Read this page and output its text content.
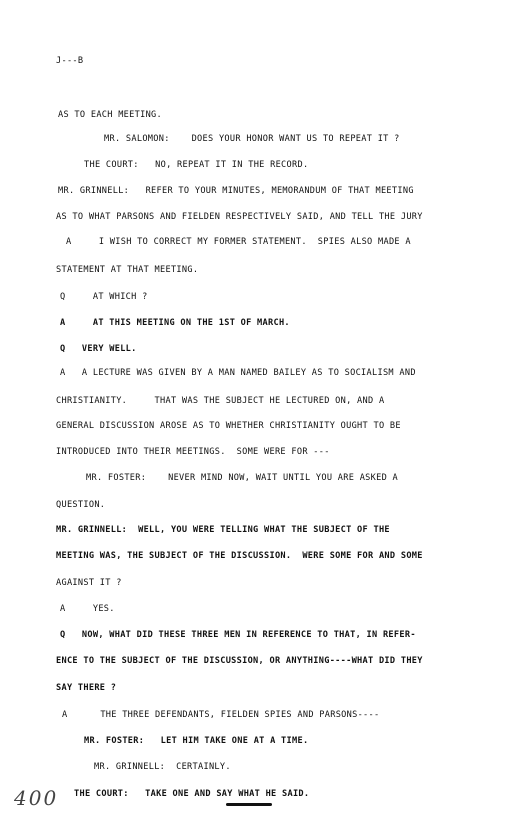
J---B
AS TO EACH MEETING.
MR. SALOMON:    DOES YOUR HONOR WANT US TO REPEAT IT ?
THE COURT:   NO, REPEAT IT IN THE RECORD.
MR. GRINNELL:   REFER TO YOUR MINUTES, MEMORANDUM OF THAT MEETING
AS TO WHAT PARSONS AND FIELDEN RESPECTIVELY SAID, AND TELL THE JURY
A     I WISH TO CORRECT MY FORMER STATEMENT.  SPIES ALSO MADE A
STATEMENT AT THAT MEETING.
Q     AT WHICH ?
A     AT THIS MEETING ON THE 1ST OF MARCH.
Q   VERY WELL.
A   A LECTURE WAS GIVEN BY A MAN NAMED BAILEY AS TO SOCIALISM AND
CHRISTIANITY.     THAT WAS THE SUBJECT HE LECTURED ON, AND A
GENERAL DISCUSSION AROSE AS TO WHETHER CHRISTIANITY OUGHT TO BE
INTRODUCED INTO THEIR MEETINGS.  SOME WERE FOR ---
MR. FOSTER:    NEVER MIND NOW, WAIT UNTIL YOU ARE ASKED A
QUESTION.
MR. GRINNELL:  WELL, YOU WERE TELLING WHAT THE SUBJECT OF THE
MEETING WAS, THE SUBJECT OF THE DISCUSSION.  WERE SOME FOR AND SOME
AGAINST IT ?
A     YES.
Q   NOW, WHAT DID THESE THREE MEN IN REFERENCE TO THAT, IN REFER-
ENCE TO THE SUBJECT OF THE DISCUSSION, OR ANYTHING----WHAT DID THEY
SAY THERE ?
A      THE THREE DEFENDANTS, FIELDEN SPIES AND PARSONS----
MR. FOSTER:   LET HIM TAKE ONE AT A TIME.
MR. GRINNELL:  CERTAINLY.
THE COURT:   TAKE ONE AND SAY WHAT HE SAID.
400
